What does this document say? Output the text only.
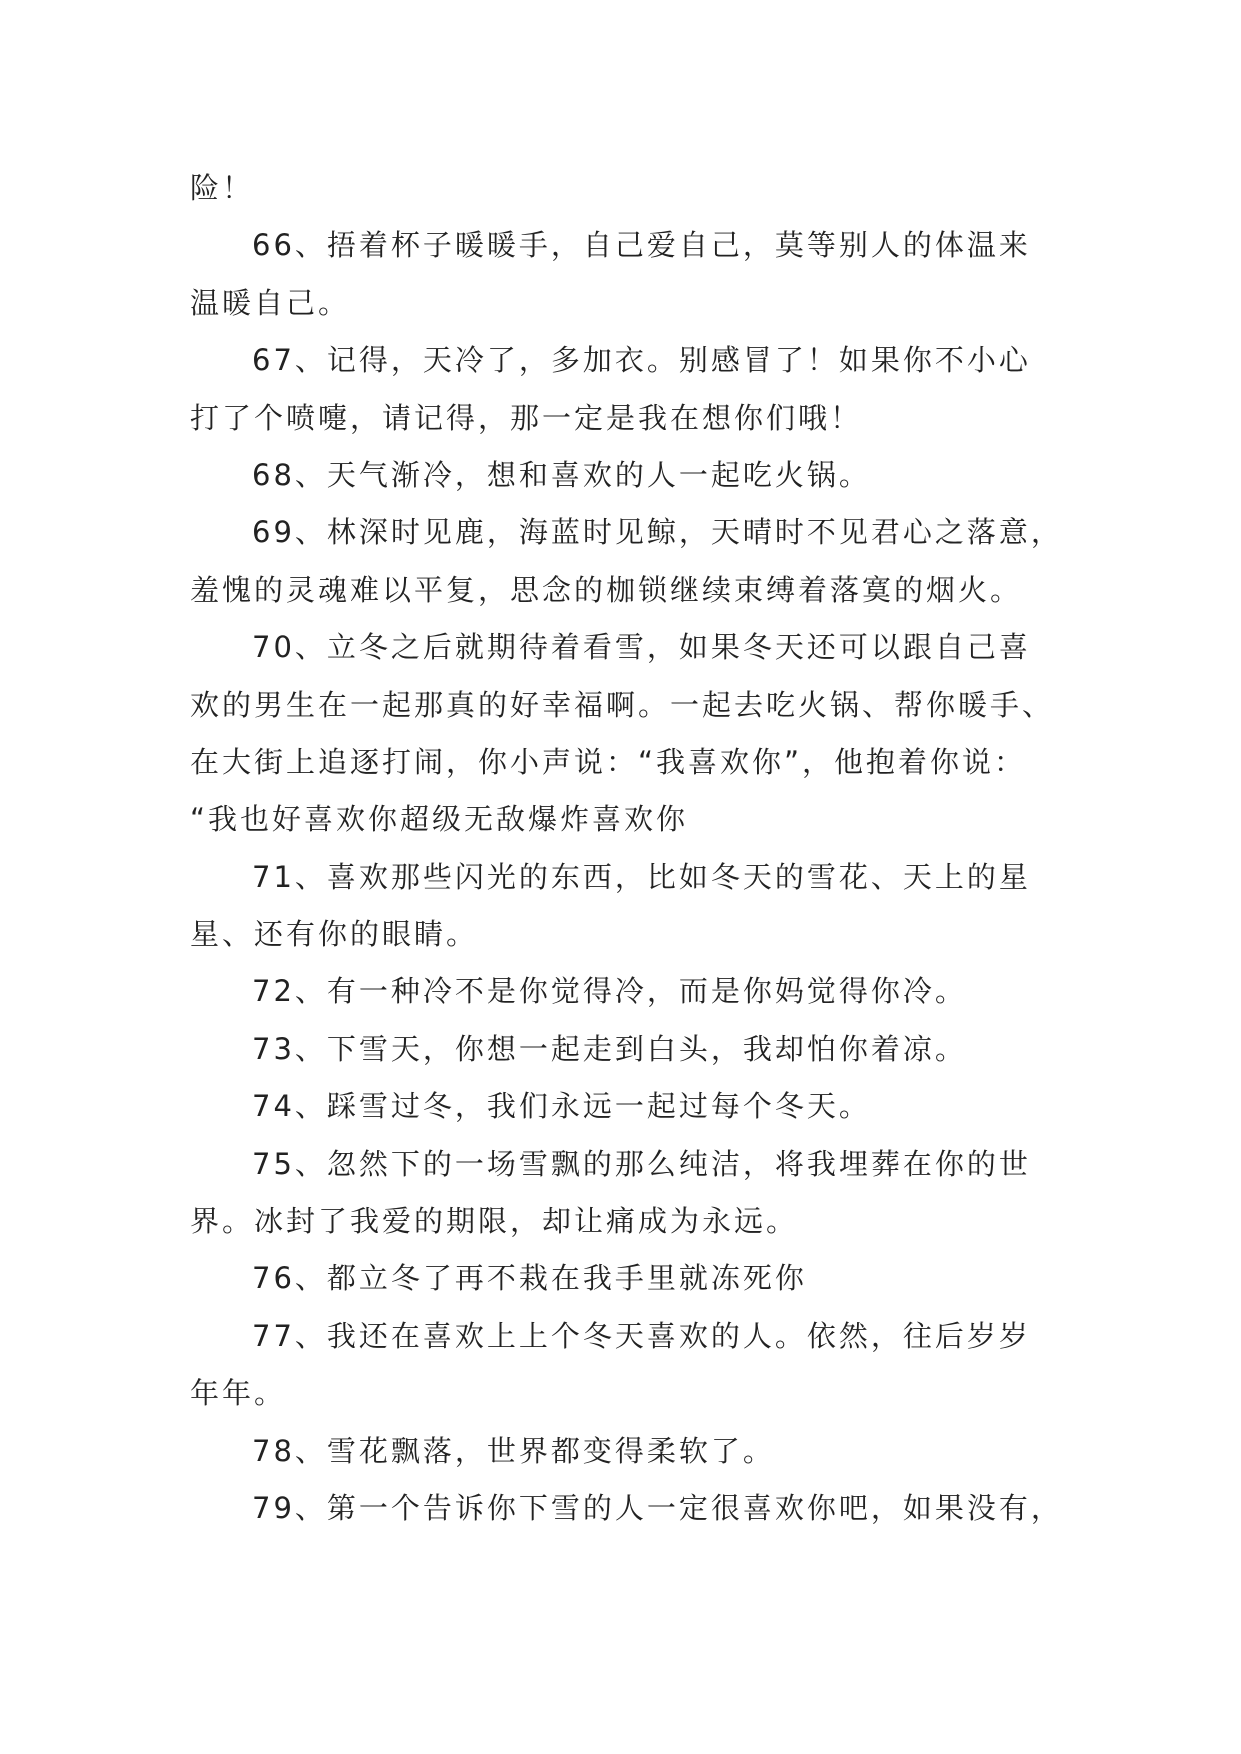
险！
66、捂着杯子暖暖手，自己爱自己，莫等别人的体温来
温暖自己。
67、记得，天冷了，多加衣。别感冒了！如果你不小心
打了个喷嚏，请记得，那一定是我在想你们哦！
68、天气渐冷，想和喜欢的人一起吃火锅。
69、林深时见鹿，海蓝时见鲸，天晴时不见君心之落意，
羞愧的灵魂难以平复，思念的枷锁继续束缚着落寞的烟火。
70、立冬之后就期待着看雪，如果冬天还可以跟自己喜
欢的男生在一起那真的好幸福啊。一起去吃火锅、帮你暖手、
在大街上追逐打闹，你小声说：“我喜欢你”，他抱着你说：
“我也好喜欢你超级无敌爆炸喜欢你
71、喜欢那些闪光的东西，比如冬天的雪花、天上的星
星、还有你的眼睛。
72、有一种冷不是你觉得冷，而是你妈觉得你冷。
73、下雪天，你想一起走到白头，我却怕你着凉。
74、踩雪过冬，我们永远一起过每个冬天。
75、忽然下的一场雪飘的那么纯洁，将我埋葬在你的世
界。冰封了我爱的期限，却让痛成为永远。
76、都立冬了再不栽在我手里就冻死你
77、我还在喜欢上上个冬天喜欢的人。依然，往后岁岁
年年。
78、雪花飘落，世界都变得柔软了。
79、第一个告诉你下雪的人一定很喜欢你吧，如果没有，
